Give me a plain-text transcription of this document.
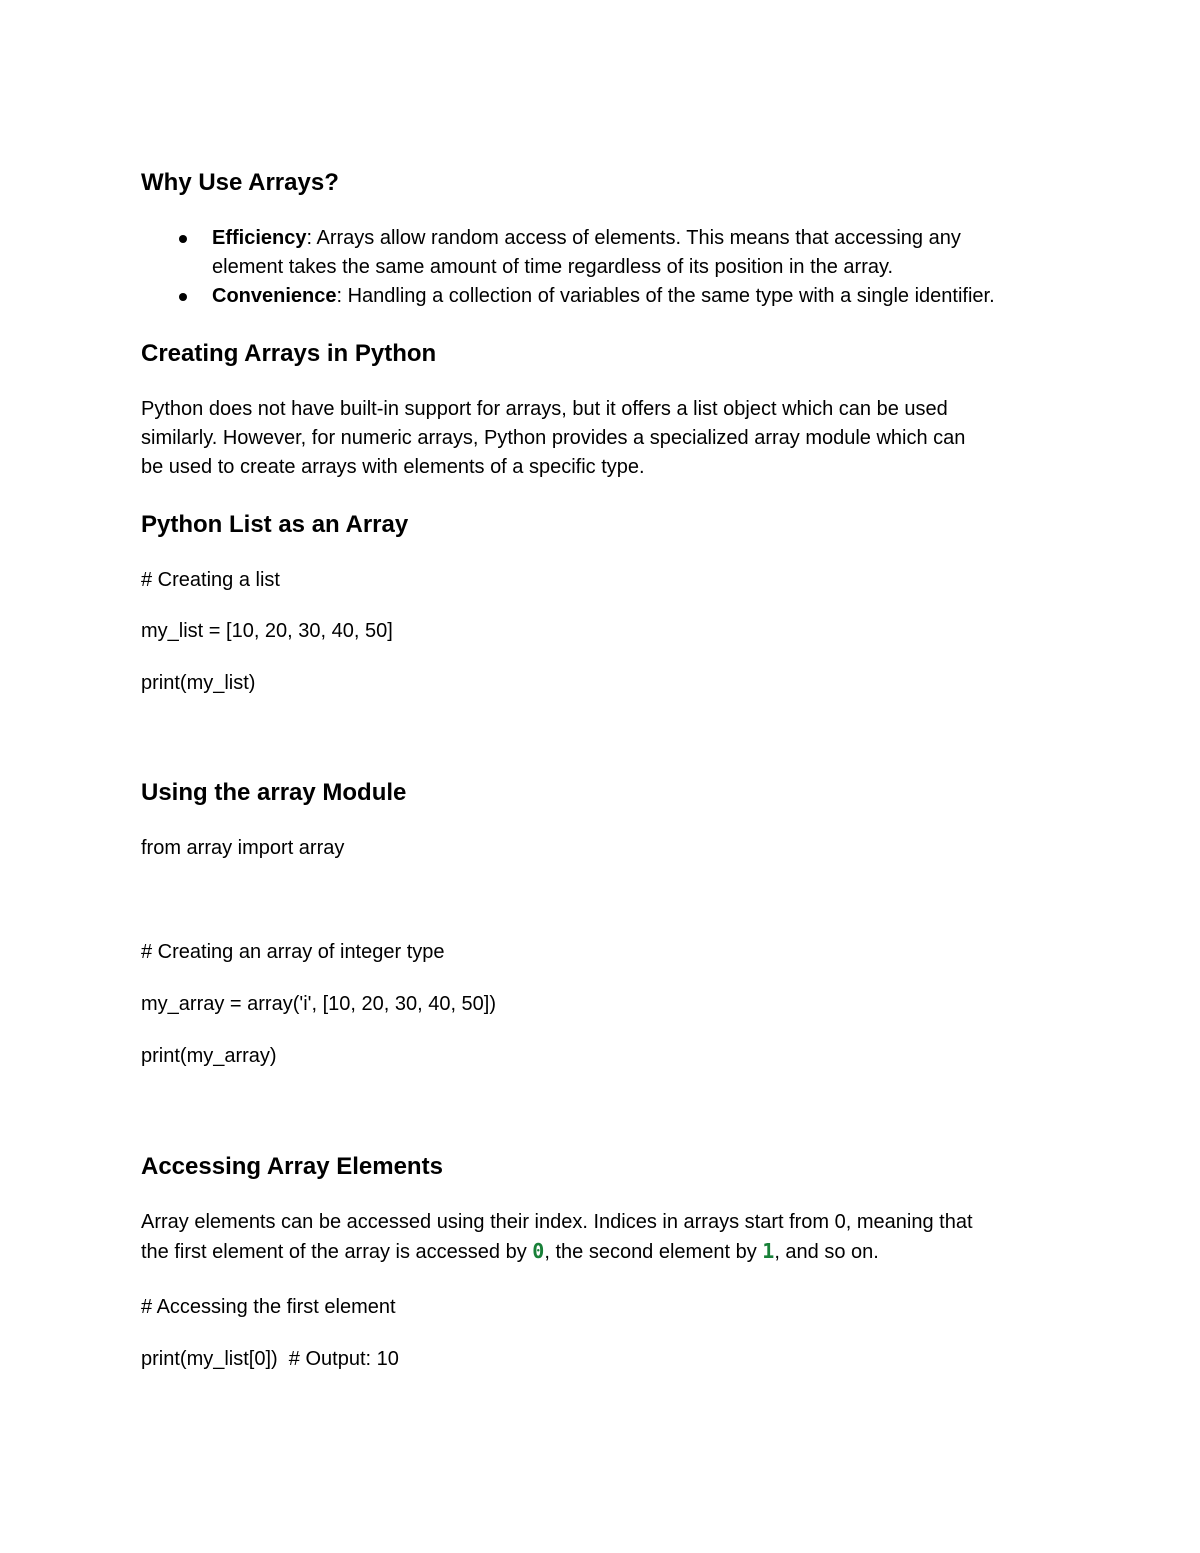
Why Use Arrays?
Efficiency: Arrays allow random access of elements. This means that accessing any
element takes the same amount of time regardless of its position in the array.
Convenience: Handling a collection of variables of the same type with a single identifier.
Creating Arrays in Python

Python does not have built-in support for arrays, but it offers a list object which can be used
similarly. However, for numeric arrays, Python provides a specialized array module which can
be used to create arrays with elements of a specific type.

Python List as an Array

# Creating a list

my_list = [10, 20, 30, 40, 50]

print(my_list)

Using the array Module

from array import array

# Creating an array of integer type

my_array = array('i', [10, 20, 30, 40, 50])

print(my_array)

Accessing Array Elements

Array elements can be accessed using their index. Indices in arrays start from 0, meaning that
the first element of the array is accessed by 0, the second element by 1, and so on.

# Accessing the first element

print(my_list[0])  # Output: 10
